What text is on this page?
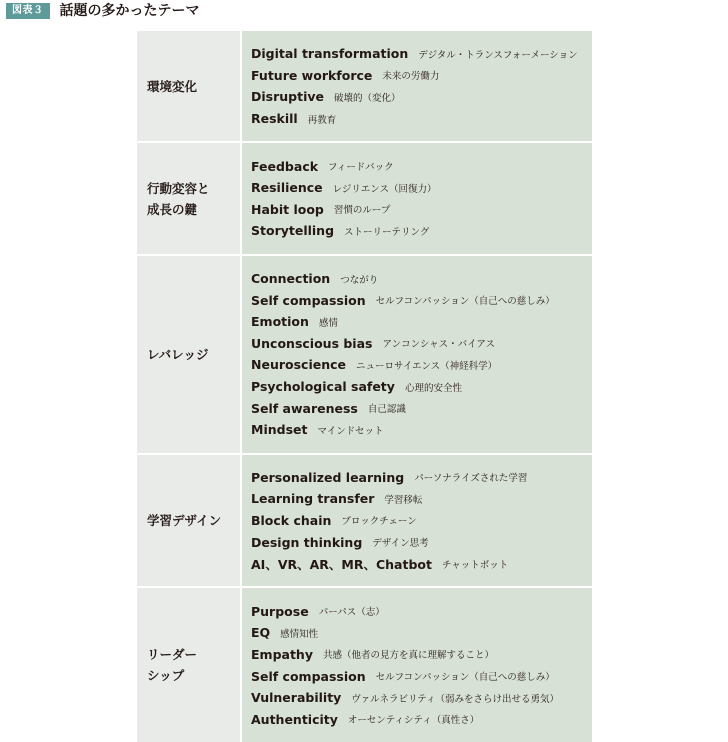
図表３	話題の多かったテーマ
環境変化
Digital transformation デジタル・トランスフォーメーション
Future workforce 未来の労働力
Disruptive 破壊的（変化）
Reskill 再教育
行動変容と
成長の鍵
Feedback フィードバック
Resilience レジリエンス（回復力）
Habit loop 習慣のループ
Storytelling ストーリーテリング
レバレッジ
Connection つながり
Self compassion セルフコンパッション（自己への慈しみ）
Emotion 感情
Unconscious bias アンコンシャス・バイアス
Neuroscience ニューロサイエンス（神経科学）
Psychological safety 心理的安全性
Self awareness 自己認識
Mindset マインドセット
学習デザイン
Personalized learning パーソナライズされた学習
Learning transfer 学習移転
Block chain ブロックチェーン
Design thinking デザイン思考
AI、VR、AR、MR、Chatbot チャットボット
リーダー
シップ
Purpose パーパス（志）
EQ 感情知性
Empathy 共感（他者の見方を真に理解すること）
Self compassion セルフコンパッション（自己への慈しみ）
Vulnerability ヴァルネラビリティ（弱みをさらけ出せる勇気）
Authenticity オーセンティシティ（真性さ）
